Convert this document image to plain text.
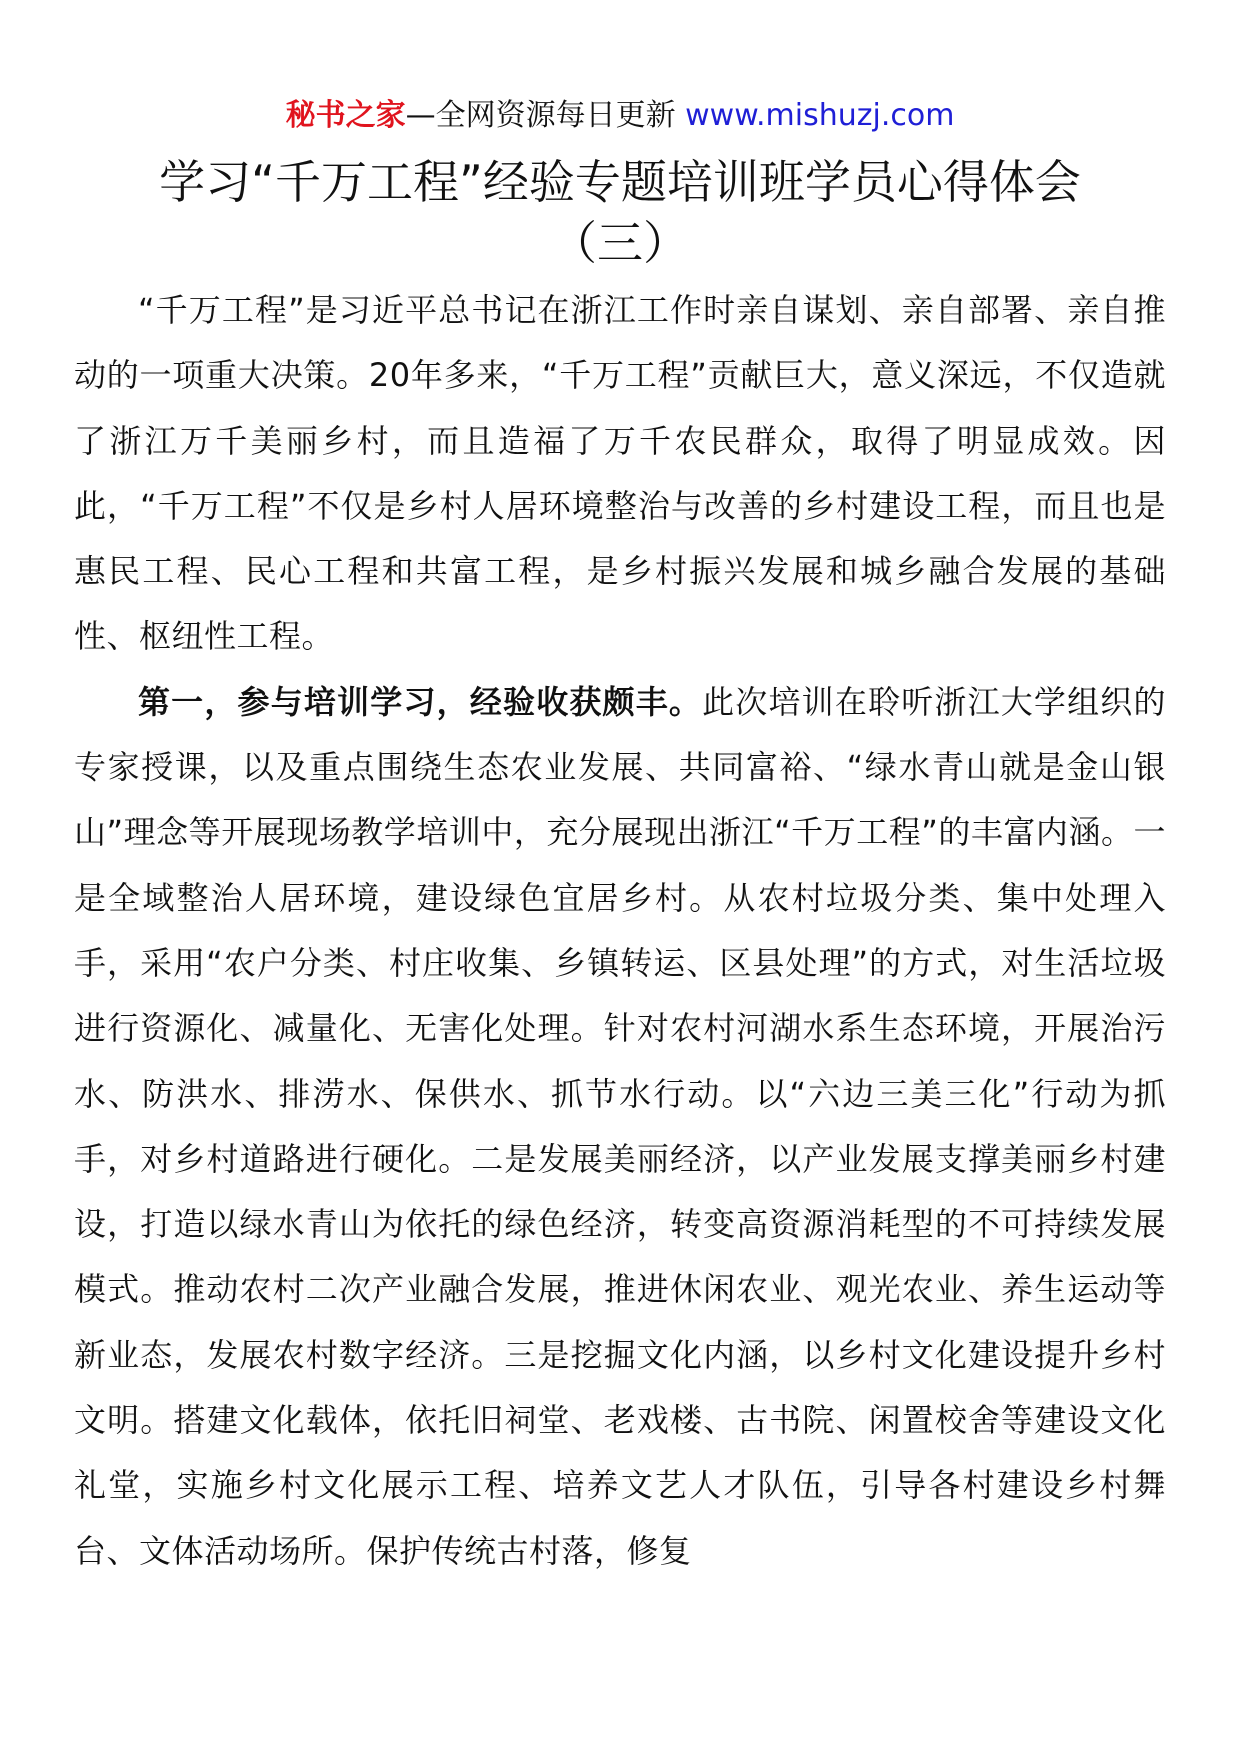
秘书之家—全网资源每日更新 www.mishuzj.com
学习“千万工程”经验专题培训班学员心得体会
（三）

“千万工程”是习近平总书记在浙江工作时亲自谋划、亲自部署、亲自推动的一项重大决策。20年多来，“千万工程”贡献巨大，意义深远，不仅造就了浙江万千美丽乡村，而且造福了万千农民群众，取得了明显成效。因此，“千万工程”不仅是乡村人居环境整治与改善的乡村建设工程，而且也是惠民工程、民心工程和共富工程，是乡村振兴发展和城乡融合发展的基础性、枢纽性工程。

第一，参与培训学习，经验收获颇丰。此次培训在聆听浙江大学组织的专家授课，以及重点围绕生态农业发展、共同富裕、“绿水青山就是金山银山”理念等开展现场教学培训中，充分展现出浙江“千万工程”的丰富内涵。一是全域整治人居环境，建设绿色宜居乡村。从农村垃圾分类、集中处理入手，采用“农户分类、村庄收集、乡镇转运、区县处理”的方式，对生活垃圾进行资源化、减量化、无害化处理。针对农村河湖水系生态环境，开展治污水、防洪水、排涝水、保供水、抓节水行动。以“六边三美三化”行动为抓手，对乡村道路进行硬化。二是发展美丽经济，以产业发展支撑美丽乡村建设，打造以绿水青山为依托的绿色经济，转变高资源消耗型的不可持续发展模式。推动农村二次产业融合发展，推进休闲农业、观光农业、养生运动等新业态，发展农村数字经济。三是挖掘文化内涵，以乡村文化建设提升乡村文明。搭建文化载体，依托旧祠堂、老戏楼、古书院、闲置校舍等建设文化礼堂，实施乡村文化展示工程、培养文艺人才队伍，引导各村建设乡村舞台、文体活动场所。保护传统古村落，修复
